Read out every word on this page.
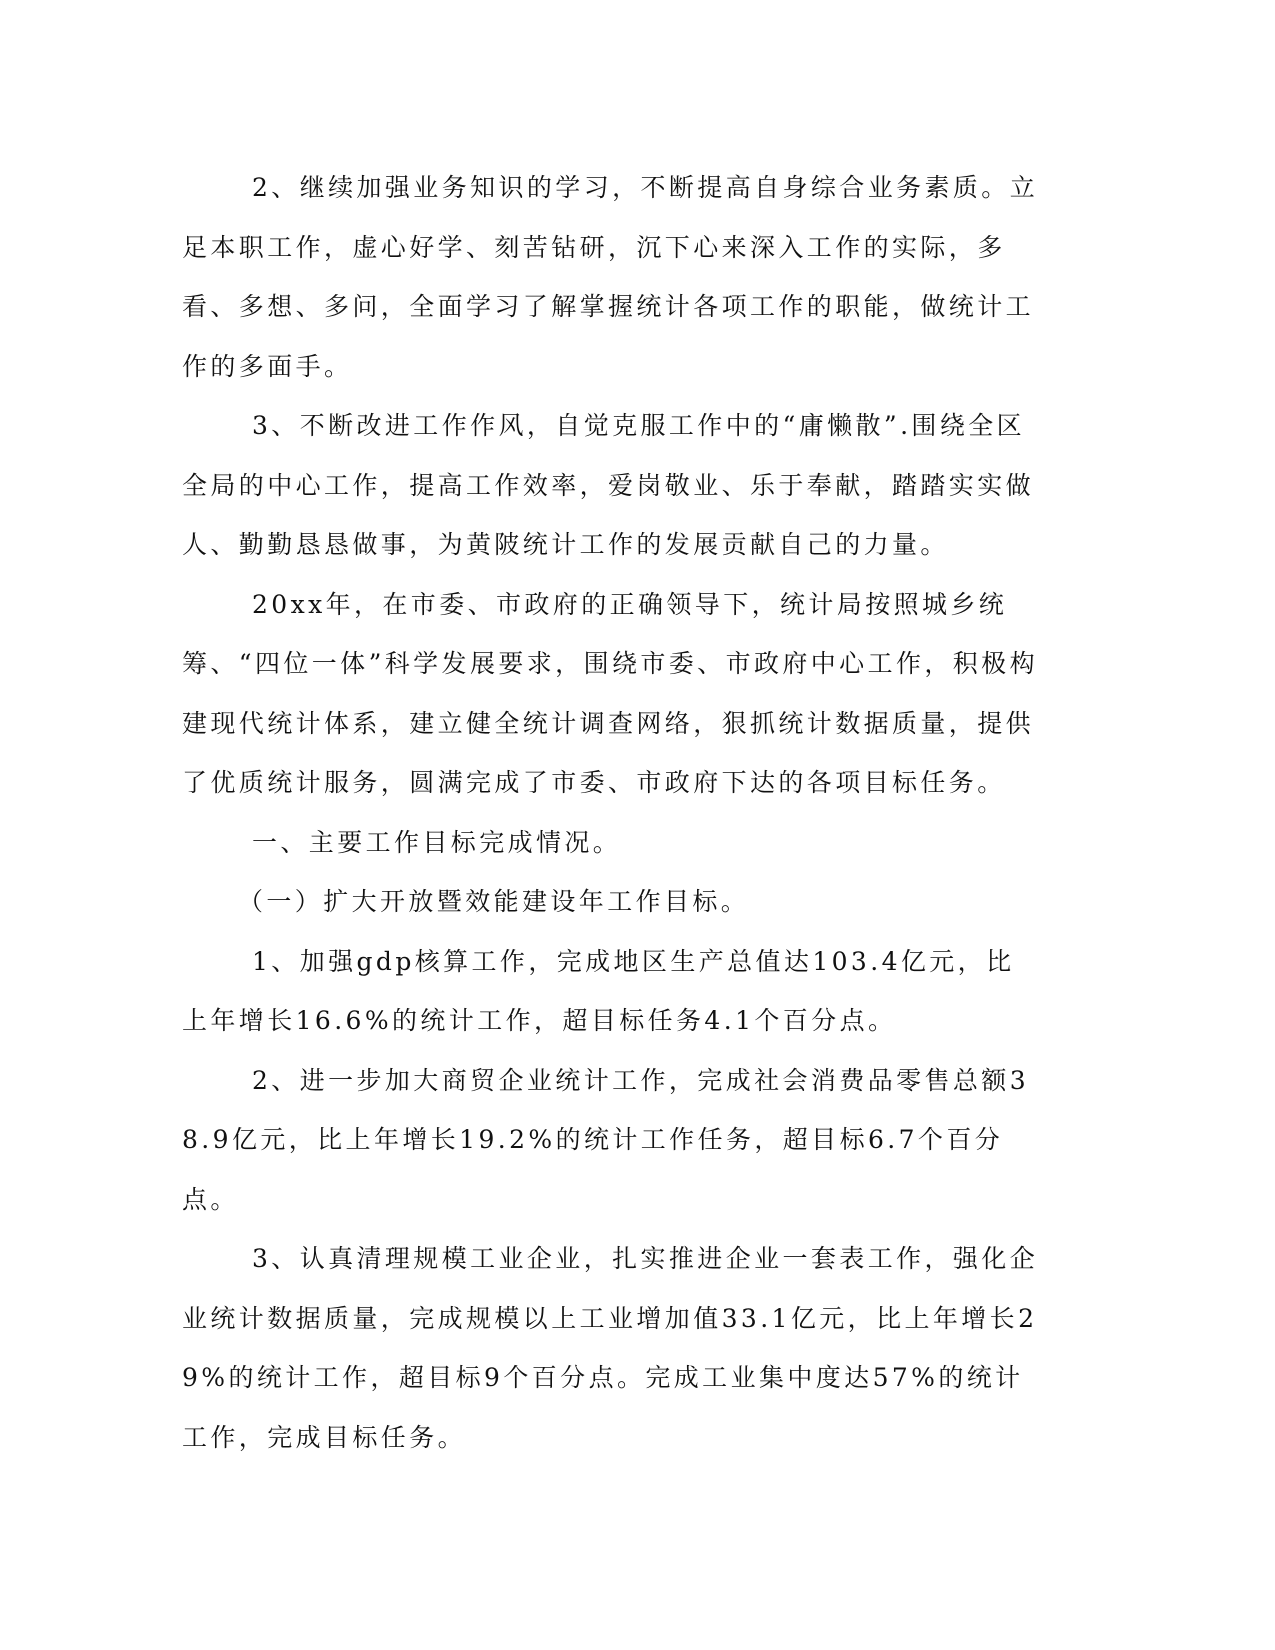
2、继续加强业务知识的学习，不断提高自身综合业务素质。立足本职工作，虚心好学、刻苦钻研，沉下心来深入工作的实际，多看、多想、多问，全面学习了解掌握统计各项工作的职能，做统计工作的多面手。

3、不断改进工作作风，自觉克服工作中的“庸懒散”.围绕全区全局的中心工作，提高工作效率，爱岗敬业、乐于奉献，踏踏实实做人、勤勤恳恳做事，为黄陂统计工作的发展贡献自己的力量。

20xx年，在市委、市政府的正确领导下，统计局按照城乡统筹、“四位一体”科学发展要求，围绕市委、市政府中心工作，积极构建现代统计体系，建立健全统计调查网络，狠抓统计数据质量，提供了优质统计服务，圆满完成了市委、市政府下达的各项目标任务。

一、主要工作目标完成情况。

（一）扩大开放暨效能建设年工作目标。

1、加强gdp核算工作，完成地区生产总值达103.4亿元，比上年增长16.6%的统计工作，超目标任务4.1个百分点。

2、进一步加大商贸企业统计工作，完成社会消费品零售总额38.9亿元，比上年增长19.2%的统计工作任务，超目标6.7个百分点。

3、认真清理规模工业企业，扎实推进企业一套表工作，强化企业统计数据质量，完成规模以上工业增加值33.1亿元，比上年增长29%的统计工作，超目标9个百分点。完成工业集中度达57%的统计工作，完成目标任务。
